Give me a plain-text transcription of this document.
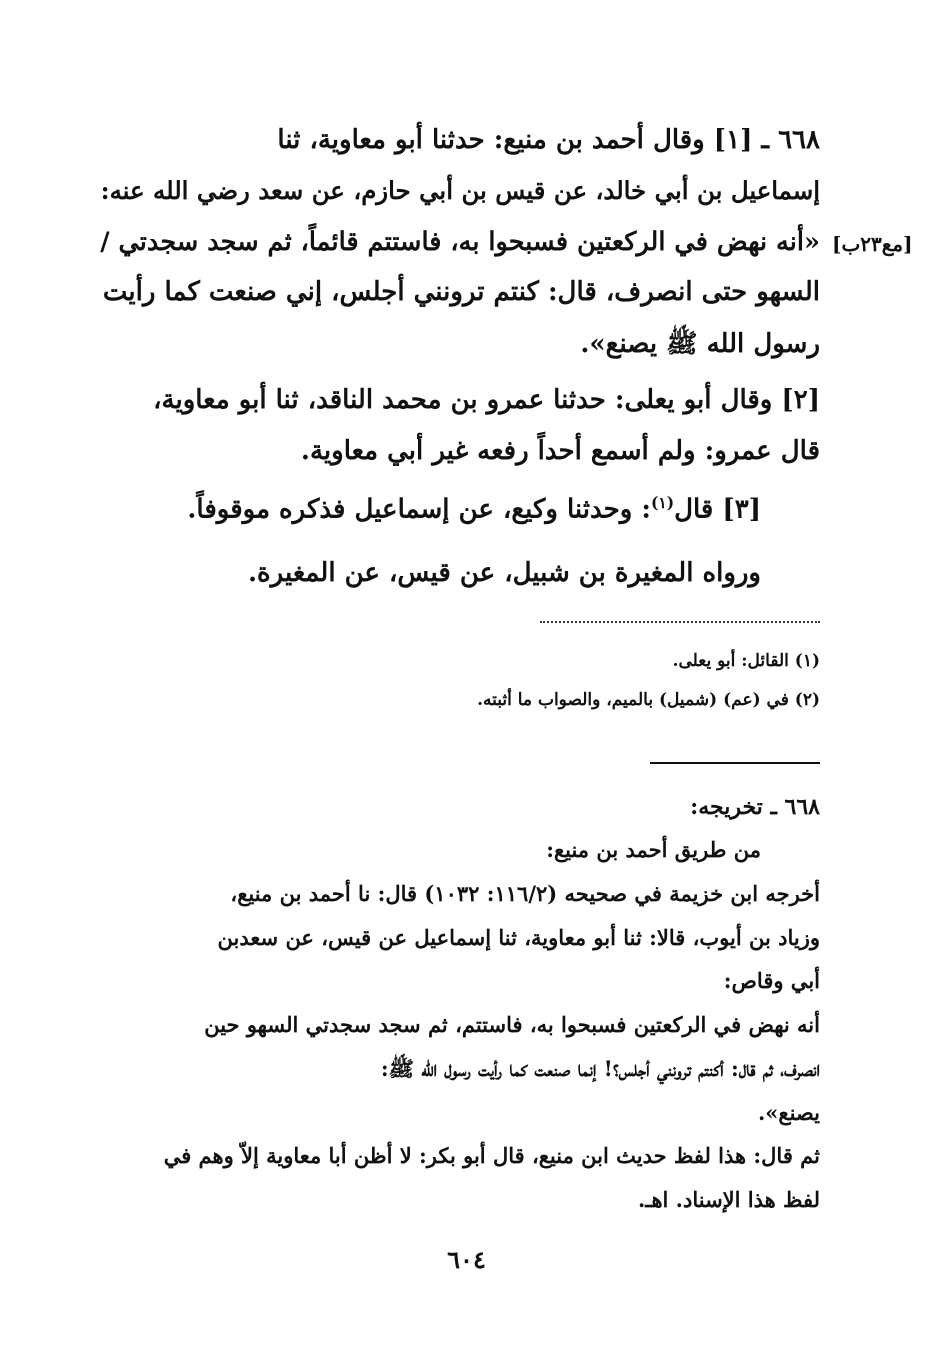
٦٦٨ ـ [١] وقال أحمد بن منيع: حدثنا أبو معاوية، ثنا
إسماعيل بن أبي خالد، عن قيس بن أبي حازم، عن سعد رضي الله عنه:
«أنه نهض في الركعتين فسبحوا به، فاستتم قائماً، ثم سجد سجدتي /
السهو حتى انصرف، قال: كنتم ترونني أجلس، إني صنعت كما رأيت
رسول الله ﷺ يصنع».
[مع٢٣ب]
[٢] وقال أبو يعلى: حدثنا عمرو بن محمد الناقد، ثنا أبو معاوية،
قال عمرو: ولم أسمع أحداً رفعه غير أبي معاوية.
[٣] قال$^{(١)}$: وحدثنا وكيع، عن إسماعيل فذكره موقوفاً.
ورواه المغيرة بن شبيل، عن قيس، عن المغيرة.
(١) القائل: أبو يعلى.
(٢) في (عم) (شميل) بالميم، والصواب ما أثبته.
٦٦٨ ـ تخريجه:
من طريق أحمد بن منيع:
أخرجه ابن خزيمة في صحيحه (١١٦/٢: ١٠٣٢) قال: نا أحمد بن منيع،
وزياد بن أيوب، قالا: ثنا أبو معاوية، ثنا إسماعيل عن قيس، عن سعدبن
أبي وقاص:
أنه نهض في الركعتين فسبحوا به، فاستتم، ثم سجد سجدتي السهو حين
انصرف، ثم قال: أكنتم ترونني أجلس؟! إنما صنعت كما رأيت رسول الله ﷺ:
يصنع».
ثم قال: هذا لفظ حديث ابن منيع، قال أبو بكر: لا أظن أبا معاوية إلاّ وهم في
لفظ هذا الإسناد. اهـ.
٦٠٤
